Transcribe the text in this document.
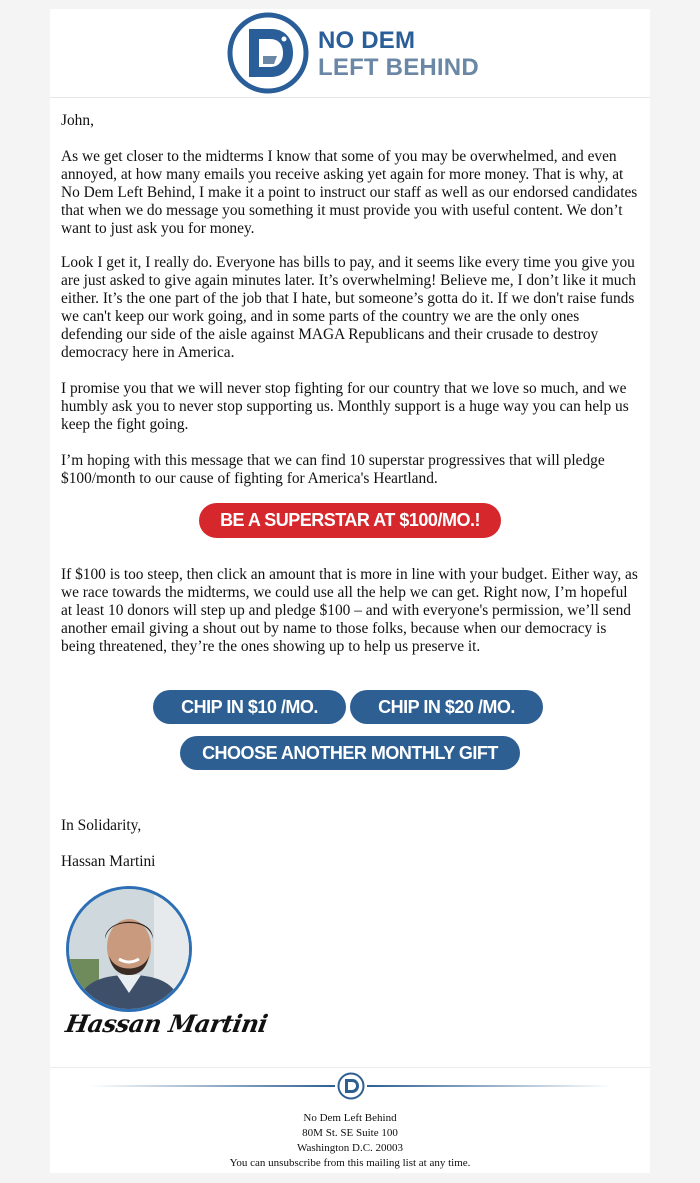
NO DEM
LEFT BEHIND

John,

As we get closer to the midterms I know that some of you may be overwhelmed, and even annoyed, at how many emails you receive asking yet again for more money. That is why, at No Dem Left Behind, I make it a point to instruct our staff as well as our endorsed candidates that when we do message you something it must provide you with useful content. We don’t want to just ask you for money.

Look I get it, I really do. Everyone has bills to pay, and it seems like every time you give you are just asked to give again minutes later. It’s overwhelming! Believe me, I don’t like it much either. It’s the one part of the job that I hate, but someone’s gotta do it. If we don't raise funds we can't keep our work going, and in some parts of the country we are the only ones defending our side of the aisle against MAGA Republicans and their crusade to destroy democracy here in America.

I promise you that we will never stop fighting for our country that we love so much, and we humbly ask you to never stop supporting us. Monthly support is a huge way you can help us keep the fight going.

I’m hoping with this message that we can find 10 superstar progressives that will pledge $100/month to our cause of fighting for America's Heartland.

BE A SUPERSTAR AT $100/MO.!

If $100 is too steep, then click an amount that is more in line with your budget. Either way, as we race towards the midterms, we could use all the help we can get. Right now, I’m hopeful at least 10 donors will step up and pledge $100 – and with everyone's permission, we’ll send another email giving a shout out by name to those folks, because when our democracy is being threatened, they’re the ones showing up to help us preserve it.

CHIP IN $10 /MO.	CHIP IN $20 /MO.
CHOOSE ANOTHER MONTHLY GIFT

In Solidarity,

Hassan Martini

Hassan Martini
No Dem Left Behind
80M St. SE Suite 100
Washington D.C. 20003
You can unsubscribe from this mailing list at any time.
